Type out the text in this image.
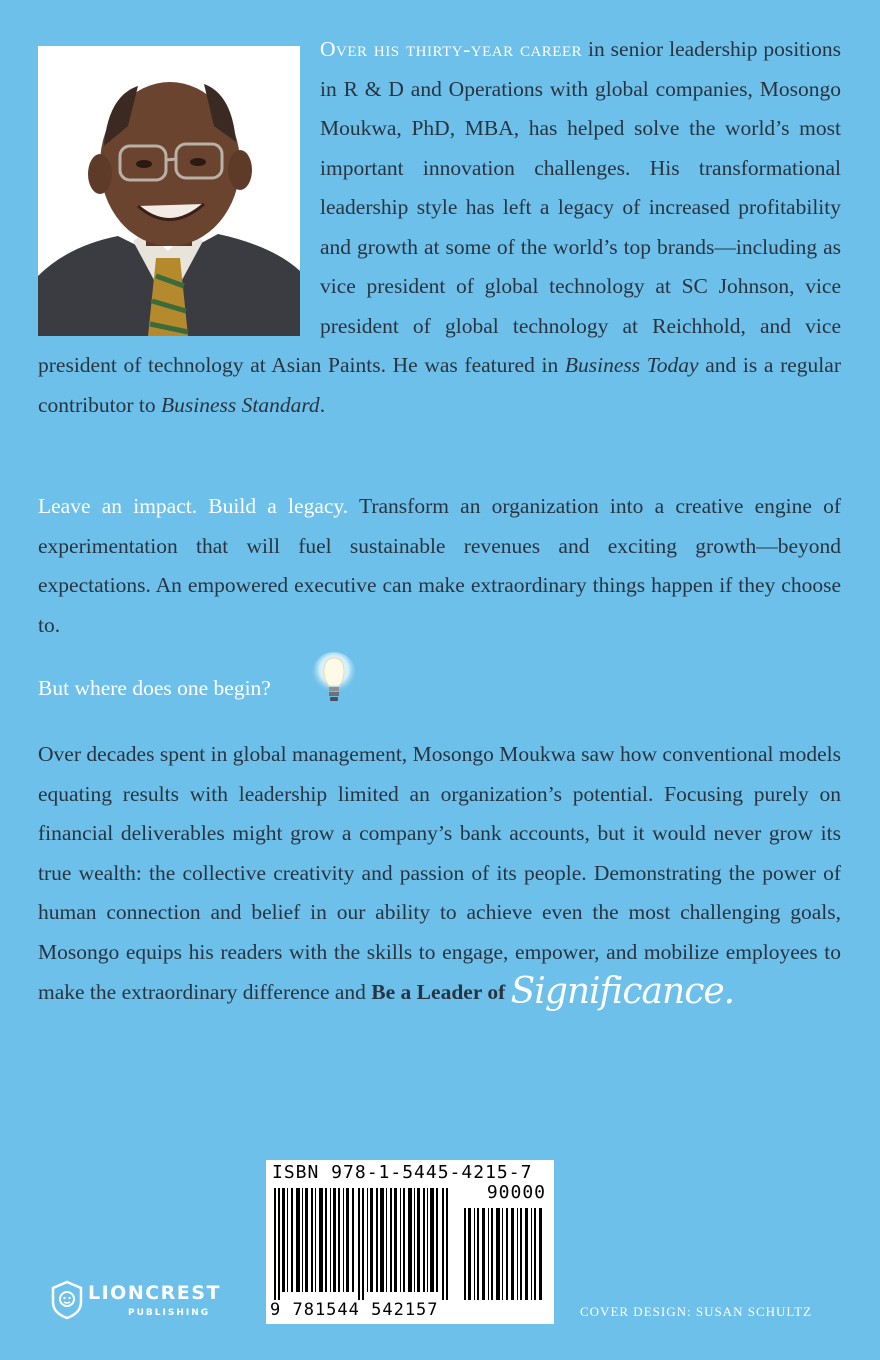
Over his thirty-year career in senior leadership positions in R & D and Operations with global companies, Mosongo Moukwa, PhD, MBA, has helped solve the world’s most important innovation challenges. His transformational leadership style has left a legacy of increased profitability and growth at some of the world’s top brands—including as vice president of global technology at SC Johnson, vice president of global technology at Reichhold, and vice president of technology at Asian Paints. He was featured in Business Today and is a regular contributor to Business Standard.

Leave an impact. Build a legacy. Transform an organization into a creative engine of experimentation that will fuel sustainable revenues and exciting growth—beyond expectations. An empowered executive can make extraordinary things happen if they choose to.

But where does one begin?

Over decades spent in global management, Mosongo Moukwa saw how conventional models equating results with leadership limited an organization’s potential. Focusing purely on financial deliverables might grow a company’s bank accounts, but it would never grow its true wealth: the collective creativity and passion of its people. Demonstrating the power of human connection and belief in our ability to achieve even the most challenging goals, Mosongo equips his readers with the skills to engage, empower, and mobilize employees to make the extraordinary difference and Be a Leader of Significance.

ISBN 978-1-5445-4215-7
90000
9 781544 542157
LIONCREST
PUBLISHING	COVER DESIGN: SUSAN SCHULTZ
